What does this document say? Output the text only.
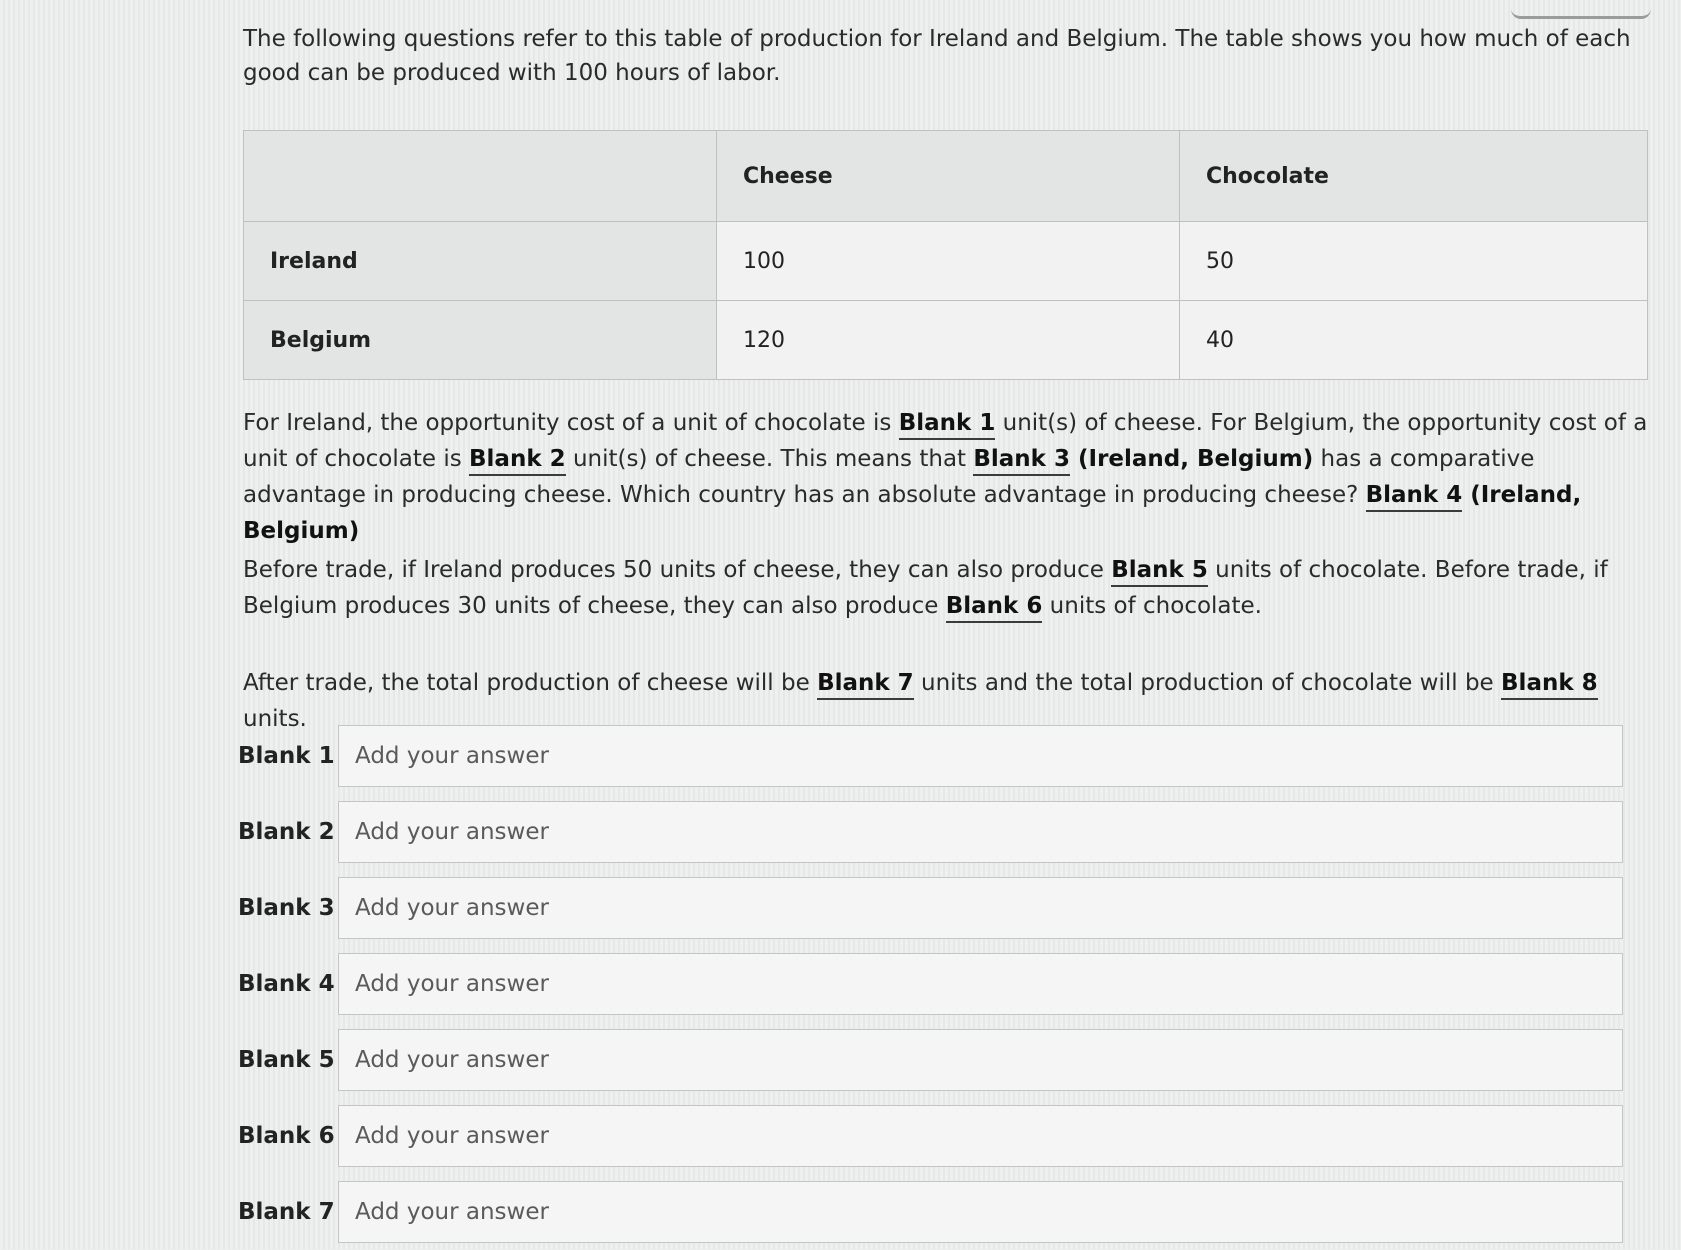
The following questions refer to this table of production for Ireland and Belgium. The table shows you how much of each good can be produced with 100 hours of labor.

	Cheese	Chocolate
Ireland	100	50
Belgium	120	40

For Ireland, the opportunity cost of a unit of chocolate is Blank 1 unit(s) of cheese. For Belgium, the opportunity cost of a unit of chocolate is Blank 2 unit(s) of cheese. This means that Blank 3 (Ireland, Belgium) has a comparative advantage in producing cheese. Which country has an absolute advantage in producing cheese? Blank 4 (Ireland, Belgium)

Before trade, if Ireland produces 50 units of cheese, they can also produce Blank 5 units of chocolate. Before trade, if Belgium produces 30 units of cheese, they can also produce Blank 6 units of chocolate.

After trade, the total production of cheese will be Blank 7 units and the total production of chocolate will be Blank 8 units.

Blank 1
Add your answer
Blank 2
Add your answer
Blank 3
Add your answer
Blank 4
Add your answer
Blank 5
Add your answer
Blank 6
Add your answer
Blank 7
Add your answer
